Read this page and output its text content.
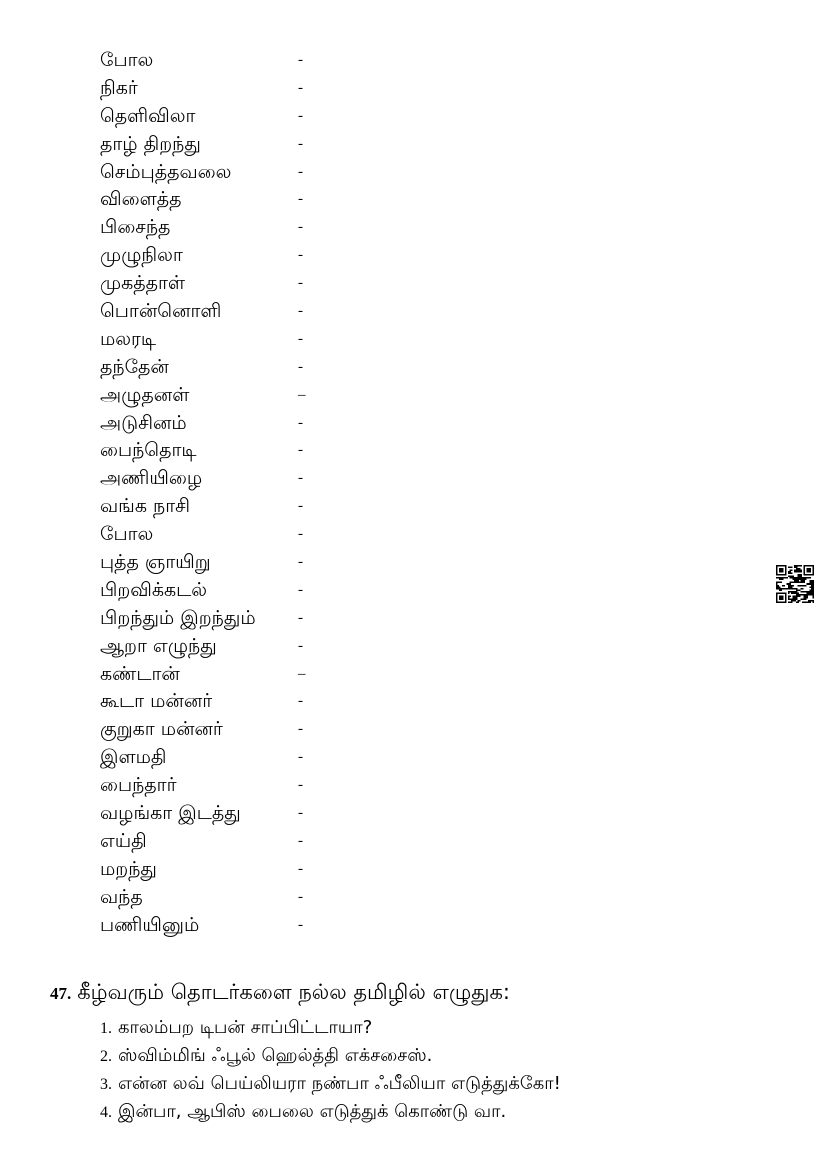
போல	-
நிகர்	-
தெளிவிலா	-
தாழ் திறந்து	-
செம்புத்தவலை	-
விளைத்த	-
பிசைந்த	-
முழுநிலா	-
முகத்தாள்	-
பொன்னொளி	-
மலரடி	-
தந்தேன்	-
அழுதனள்	–
அடுசினம்	-
பைந்தொடி	-
அணியிழை	-
வங்க நாசி	-
போல	-
புத்த ஞாயிறு	-
பிறவிக்கடல்	-
பிறந்தும் இறந்தும்	-
ஆறா எழுந்து	-
கண்டான்	–
கூடா மன்னர்	-
குறுகா மன்னர்	-
இளமதி	-
பைந்தார்	-
வழங்கா இடத்து	-
எய்தி	-
மறந்து	-
வந்த	-
பணியினும்	-
47. கீழ்வரும் தொடர்களை நல்ல தமிழில் எழுதுக:
1. காலம்பற டிபன் சாப்பிட்டாயா?
2. ஸ்விம்மிங் ஃபூல் ஹெல்த்தி எக்சசைஸ்.
3. என்ன லவ் பெய்லியரா நண்பா ஃபீலியா எடுத்துக்கோ!
4. இன்பா, ஆபிஸ் பைலை எடுத்துக் கொண்டு வா.
